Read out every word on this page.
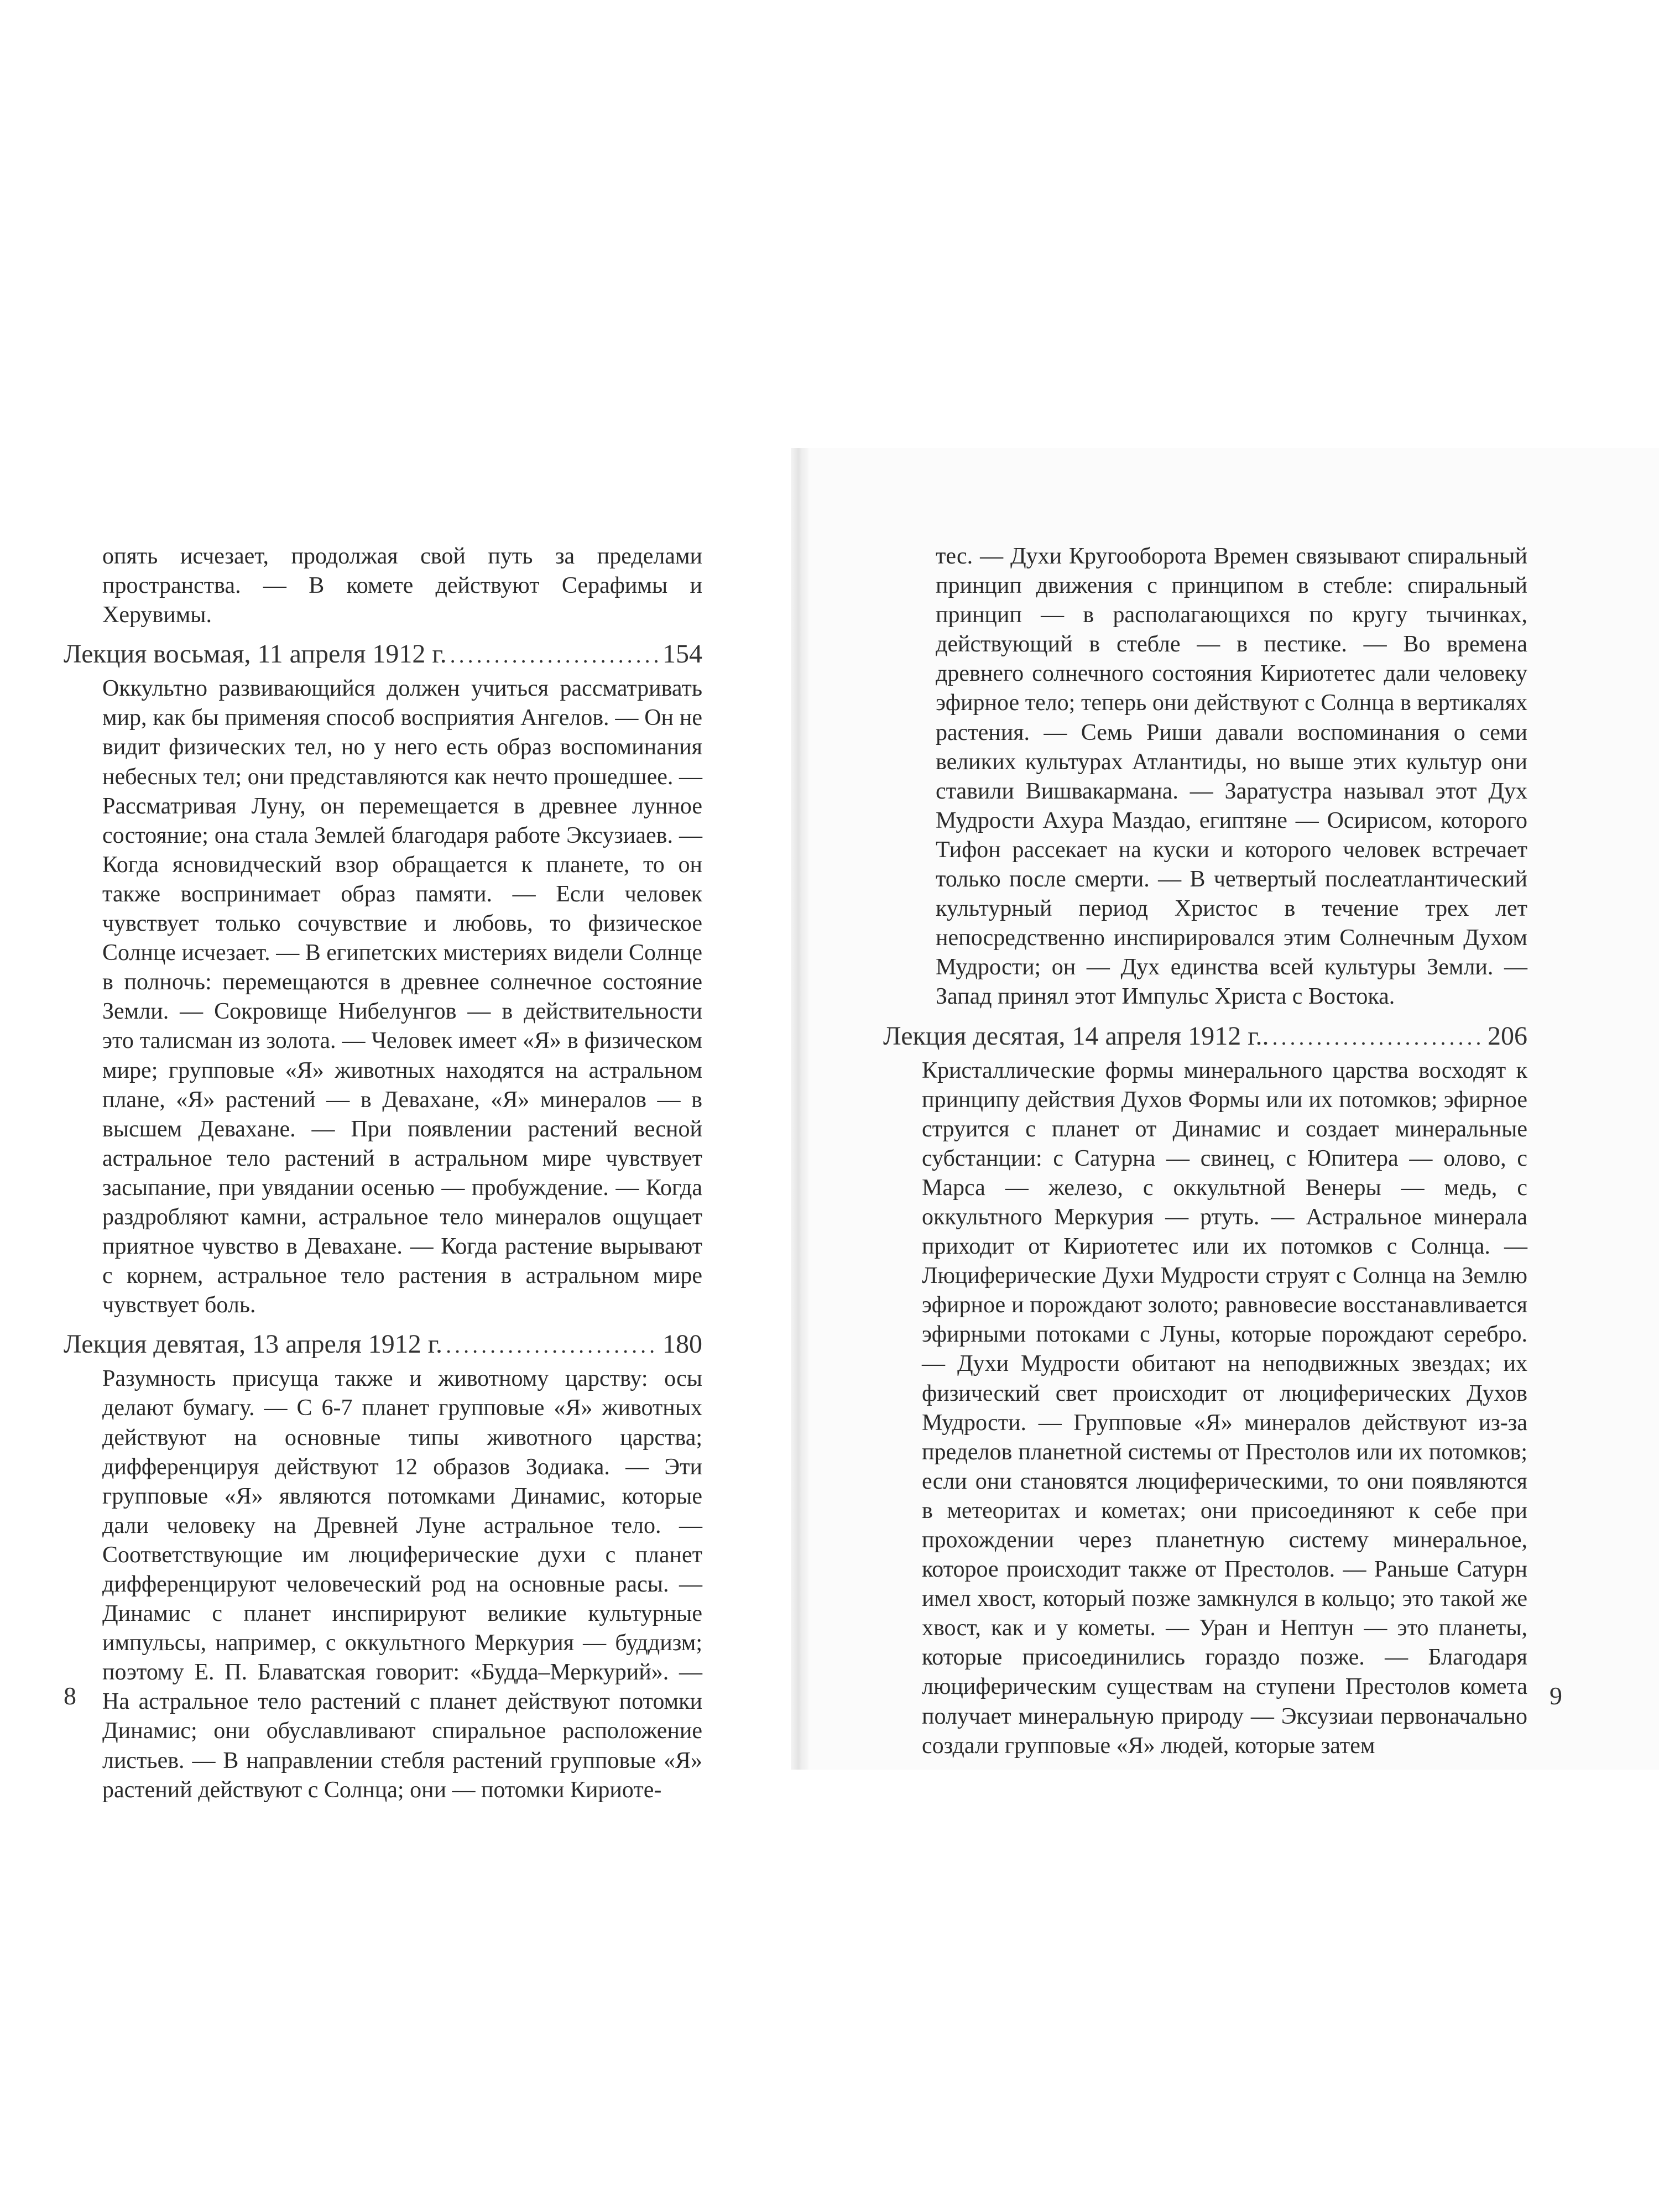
опять исчезает, продолжая свой путь за пределами пространства. — В комете действуют Серафимы и Херувимы.

Лекция восьмая, 11 апреля 1912 г. .....	154

Оккультно развивающийся должен учиться рассматривать мир, как бы применяя способ восприятия Ангелов. — Он не видит физических тел, но у него есть образ воспоминания небесных тел; они представляются как нечто прошедшее. — Рассматривая Луну, он перемещается в древнее лунное состояние; она стала Землей благодаря работе Эксузиаев. — Когда ясновидческий взор обращается к планете, то он также воспринимает образ памяти. — Если человек чувствует только сочувствие и любовь, то физическое Солнце исчезает. — В египетских мистериях видели Солнце в полночь: перемещаются в древнее солнечное состояние Земли. — Сокровище Нибелунгов — в действительности это талисман из золота. — Человек имеет «Я» в физическом мире; групповые «Я» животных находятся на астральном плане, «Я» растений — в Девахане, «Я» минералов — в высшем Девахане. — При появлении растений весной астральное тело растений в астральном мире чувствует засыпание, при увядании осенью — пробуждение. — Когда раздробляют камни, астральное тело минералов ощущает приятное чувство в Девахане. — Когда растение вырывают с корнем, астральное тело растения в астральном мире чувствует боль.

Лекция девятая, 13 апреля 1912 г. .....	180

Разумность присуща также и животному царству: осы делают бумагу. — С 6-7 планет групповые «Я» животных действуют на основные типы животного царства; дифференцируя действуют 12 образов Зодиака. — Эти групповые «Я» являются потомками Динамис, которые дали человеку на Древней Луне астральное тело. — Соответствующие им люциферические духи с планет дифференцируют человеческий род на основные расы. — Динамис с планет инспирируют великие культурные импульсы, например, с оккультного Меркурия — буддизм; поэтому Е. П. Блаватская говорит: «Будда–Меркурий». — На астральное тело растений с планет действуют потомки Динамис; они обуславливают спиральное расположение листьев. — В направлении стебля растений групповые «Я» растений действуют с Солнца; они — потомки Кириоте-

8

тес. — Духи Кругооборота Времен связывают спиральный принцип движения с принципом в стебле: спиральный принцип — в располагающихся по кругу тычинках, действующий в стебле — в пестике. — Во времена древнего солнечного состояния Кириотетес дали человеку эфирное тело; теперь они действуют с Солнца в вертикалях растения. — Семь Риши давали воспоминания о семи великих культурах Атлантиды, но выше этих культур они ставили Вишвакармана. — Заратустра называл этот Дух Мудрости Ахура Маздао, египтяне — Осирисом, которого Тифон рассекает на куски и которого человек встречает только после смерти. — В четвертый послеатлантический культурный период Христос в течение трех лет непосредственно инспирировался этим Солнечным Духом Мудрости; он — Дух единства всей культуры Земли. — Запад принял этот Импульс Христа с Востока.

Лекция десятая, 14 апреля 1912 г.. .....	206

Кристаллические формы минерального царства восходят к принципу действия Духов Формы или их потомков; эфирное струится с планет от Динамис и создает минеральные субстанции: с Сатурна — свинец, с Юпитера — олово, с Марса — железо, с оккультной Венеры — медь, с оккультного Меркурия — ртуть. — Астральное минерала приходит от Кириотетес или их потомков с Солнца. — Люциферические Духи Мудрости струят с Солнца на Землю эфирное и порождают золото; равновесие восстанавливается эфирными потоками с Луны, которые порождают серебро. — Духи Мудрости обитают на неподвижных звездах; их физический свет происходит от люциферических Духов Мудрости. — Групповые «Я» минералов действуют из-за пределов планетной системы от Престолов или их потомков; если они становятся люциферическими, то они появляются в метеоритах и кометах; они присоединяют к себе при прохождении через планетную систему минеральное, которое происходит также от Престолов. — Раньше Сатурн имел хвост, который позже замкнулся в кольцо; это такой же хвост, как и у кометы. — Уран и Нептун — это планеты, которые присоединились гораздо позже. — Благодаря люциферическим существам на ступени Престолов комета получает минеральную природу — Эксузиаи первоначально создали групповые «Я» людей, которые затем

9
